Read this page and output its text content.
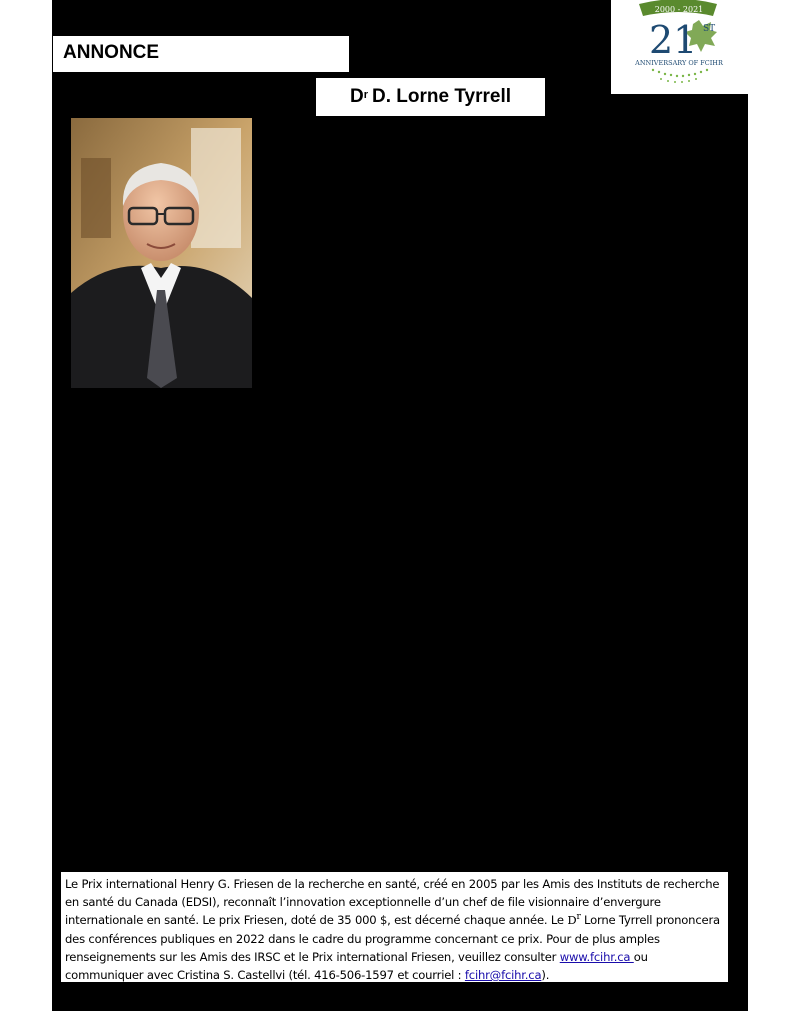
ANNONCE
$D^r$ D. Lorne Tyrrell
2000 - 2021
21 ST
ANNIVERSARY OF FCIHR
Le Prix international Henry G. Friesen de la recherche en santé, créé en 2005 par les Amis des Instituts de recherche en santé du Canada (EDSI), reconnaît l’innovation exceptionnelle d’un chef de file visionnaire d’envergure internationale en santé. Le prix Friesen, doté de 35 000 $, est décerné chaque année. Le $D^r$ Lorne Tyrrell prononcera des conférences publiques en 2022 dans le cadre du programme concernant ce prix. Pour de plus amples renseignements sur les Amis des IRSC et le Prix international Friesen, veuillez consulter www.fcihr.ca ou communiquer avec Cristina S. Castellvi (tél. 416-506-1597 et courriel : fcihr@fcihr.ca).
